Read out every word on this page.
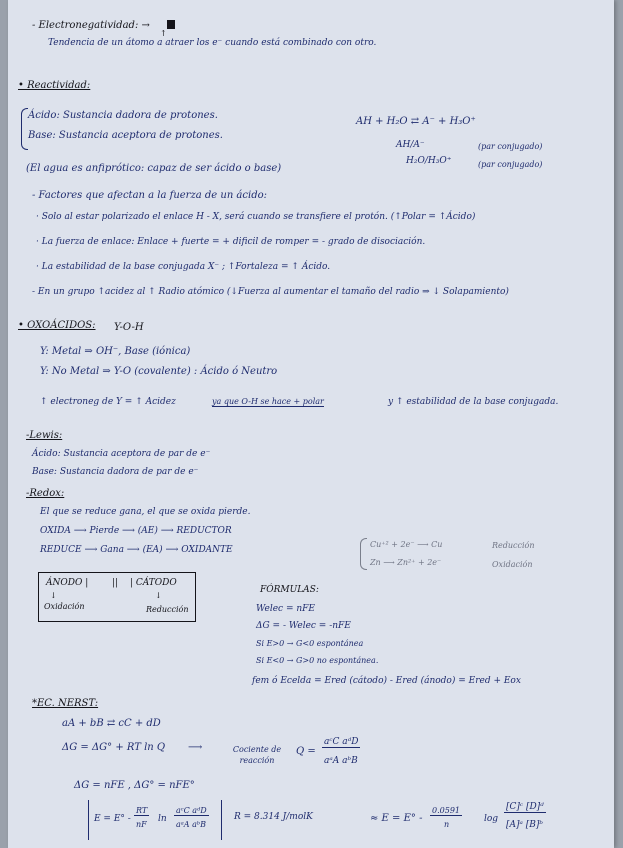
- Electronegatividad: →
↑
Tendencia de un átomo a atraer los e⁻ cuando está combinado con otro.
• Reactividad:
Ácido: Sustancia dadora de protones.
Base: Sustancia aceptora de protones.
AH + H₂O ⇄ A⁻ + H₃O⁺
AH/A⁻	(par conjugado)
H₂O/H₃O⁺	(par conjugado)
(El agua es anfiprótico: capaz de ser ácido o base)
- Factores que afectan a la fuerza de un ácido:
· Solo al estar polarizado el enlace H - X, será cuando se transfiere el protón. (↑Polar = ↑Ácido)
· La fuerza de enlace: Enlace + fuerte = + dificil de romper = - grado de disociación.
· La estabilidad de la base conjugada X⁻ ; ↑Fortaleza = ↑ Ácido.
- En un grupo ↑acidez al ↑ Radio atómico (↓Fuerza al aumentar el tamaño del radio ⇒ ↓ Solapamiento)
• OXOÁCIDOS: Y-O-H
Y: Metal ⇒ OH⁻, Base (iónica)
Y: No Metal ⇒ Y-O (covalente) : Ácido ó Neutro
↑ electroneg de Y = ↑ Acidez	ya que O-H se hace + polar	y ↑ estabilidad de la base conjugada.
-Lewis:
Ácido: Sustancia aceptora de par de e⁻
Base: Sustancia dadora de par de e⁻
-Redox:
El que se reduce gana, el que se oxida pierde.
OXIDA ⟶ Pierde ⟶ (AE) ⟶ REDUCTOR
REDUCE ⟶ Gana ⟶ (EA) ⟶ OXIDANTE
Cu⁺² + 2e⁻ ⟶ Cu	Reducción
Zn ⟶ Zn²⁺ + 2e⁻	Oxidación
ÁNODO |	|| | CÁTODO
↓	↓
Oxidación	Reducción
FÓRMULAS:
Welec = nFE
ΔG = - Welec = -nFE
Si E>0 → G<0 espontánea
Si E<0 → G>0 no espontánea.
fem ó Ecelda = Ered (cátodo) - Ered (ánodo) = Ered + Eox
*EC. NERST:
aA + bB ⇄ cC + dD
ΔG = ΔG° + RT ln Q ⟶	Cociente de reacción
Q =
aᶜC aᵈD
aᵃA aᵇB
ΔG = nFE , ΔG° = nFE°
E = E° -
RT
nF
ln
aᶜC aᵈD
aᵃA aᵇB
R = 8.314 J/molK	≈ E = E° -
0.0591
n
log
[C]ᶜ [D]ᵈ
[A]ᵃ [B]ᵇ
